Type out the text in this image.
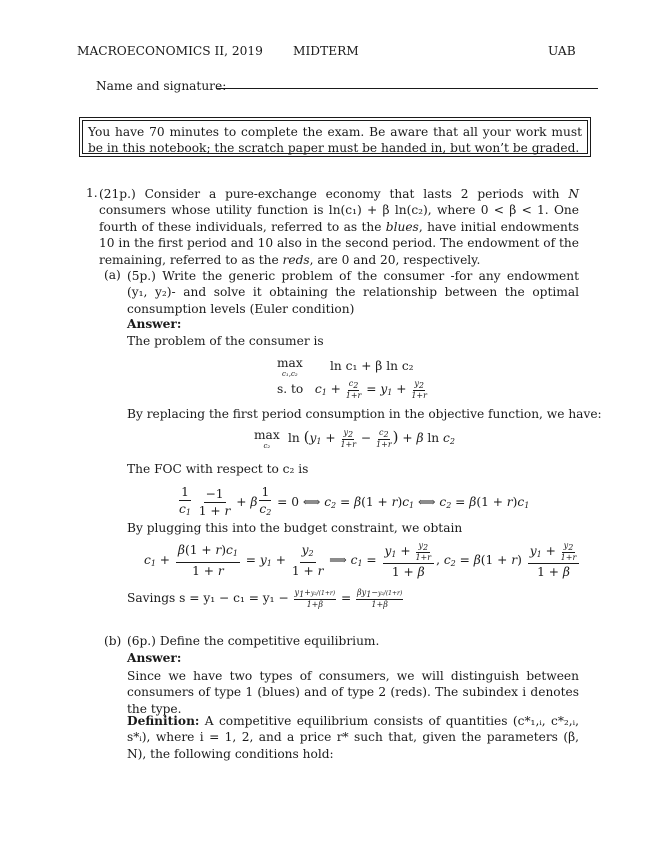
MACROECONOMICS II, 2019 MIDTERM	UAB
Name and signature:
You have 70 minutes to complete the exam. Be aware that all your work must be in this notebook; the scratch paper must be handed in, but won’t be graded.
1. (21p.) Consider a pure-exchange economy that lasts 2 periods with N consumers whose utility function is ln(c₁) + β ln(c₂), where 0 < β < 1. One fourth of these individuals, referred to as the blues, have initial endowments 10 in the first period and 10 also in the second period. The endowment of the remaining, referred to as the reds, are 0 and 20, respectively.
(a) (5p.) Write the generic problem of the consumer -for any endowment (y₁, y₂)- and solve it obtaining the relationship between the optimal consumption levels (Euler condition)
Answer:
The problem of the consumer is
max
c₁,c₂
ln c₁ + β ln c₂
s. to $c_1 + \frac{c_2}{1+r} = y_1 + \frac{y_2}{1+r}$
By replacing the first period consumption in the objective function, we have:
max
c₂
$\ln (y_1 + \frac{y_2}{1+r} - \frac{c_2}{1+r}$ ) + β $\ln c_2$
The FOC with respect to c₂ is
$\frac{1}{c_1}$
$\frac{-1}{1 + r} + \beta \frac{1}{c_2} = 0$ ⟺ $c_2 = \beta(1 + r)c_1$ ⟺ $c_2 = \beta(1 + r)c_1$
By plugging this into the budget constraint, we obtain
$c_1 + \frac{\beta(1 + r)c_1}{1 + r} = y_1 + \frac{y_2}{1 + r}$ ⟹ $c_1 = \frac{y_1 + \frac{y_2}{1+r}}{1 + \beta}$ , $c_2 = \beta(1 + r) \frac{y_1 + \frac{y_2}{1+r}}{1 + \beta}$
Savings $s = y_1 - c_1 = y_1 - \frac{y_1+y_2/(1+r)}{1+\beta} = \frac{\beta y_1-y_2/(1+r)}{1+\beta}$
(b) (6p.) Define the competitive equilibrium.
Answer:
Since we have two types of consumers, we will distinguish between consumers of type 1 (blues) and of type 2 (reds). The subindex i denotes the type.
Definition: A competitive equilibrium consists of quantities (c*₁,ᵢ, c*₂,ᵢ, s*ᵢ), where i = 1, 2, and a price r* such that, given the parameters (β, N), the following conditions hold:
